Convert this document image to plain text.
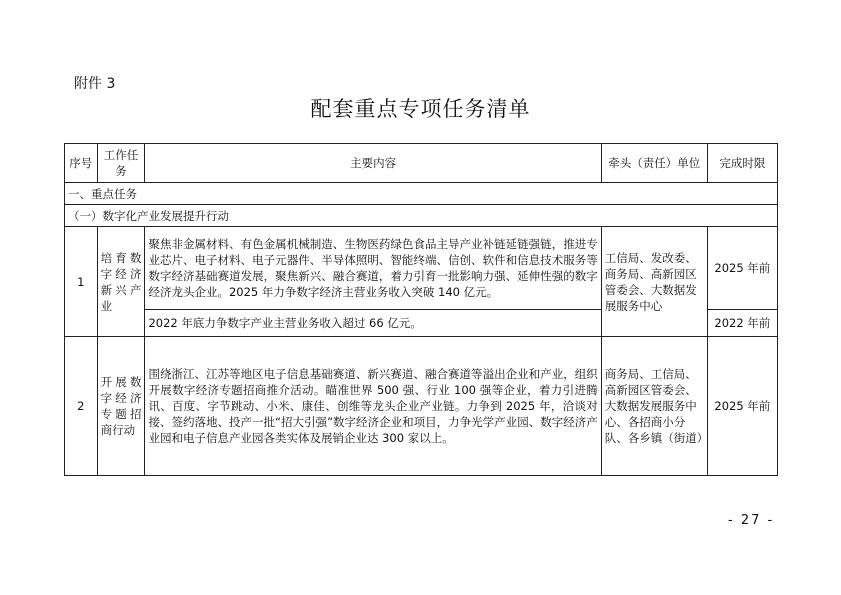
附件 3
配套重点专项任务清单
序号	工作任务	主要内容	牵头（责任）单位	完成时限
一、重点任务				
（一）数字化产业发展提升行动				
1	培育数字经济新兴产业	聚焦非金属材料、有色金属机械制造、生物医药绿色食品主导产业补链延链强链，推进专业芯片、电子材料、电子元器件、半导体照明、智能终端、信创、软件和信息技术服务等数字经济基础赛道发展，聚焦新兴、融合赛道，着力引育一批影响力强、延伸性强的数字经济龙头企业。2025 年力争数字经济主营业务收入突破 140 亿元。	工信局、发改委、商务局、高新园区管委会、大数据发展服务中心	2025 年前
		2022 年底力争数字产业主营业务收入超过 66 亿元。		2022 年前
2	开展数字经济专题招商行动	围绕浙江、江苏等地区电子信息基础赛道、新兴赛道、融合赛道等溢出企业和产业，组织开展数字经济专题招商推介活动。瞄准世界 500 强、行业 100 强等企业，着力引进腾讯、百度、字节跳动、小米、康佳、创维等龙头企业产业链。力争到 2025 年，洽谈对接、签约落地、投产一批“招大引强”数字经济企业和项目，力争光学产业园、数字经济产业园和电子信息产业园各类实体及展销企业达 300 家以上。	商务局、工信局、高新园区管委会、大数据发展服务中心、各招商小分队、各乡镇（街道）	2025 年前
- 27 -
